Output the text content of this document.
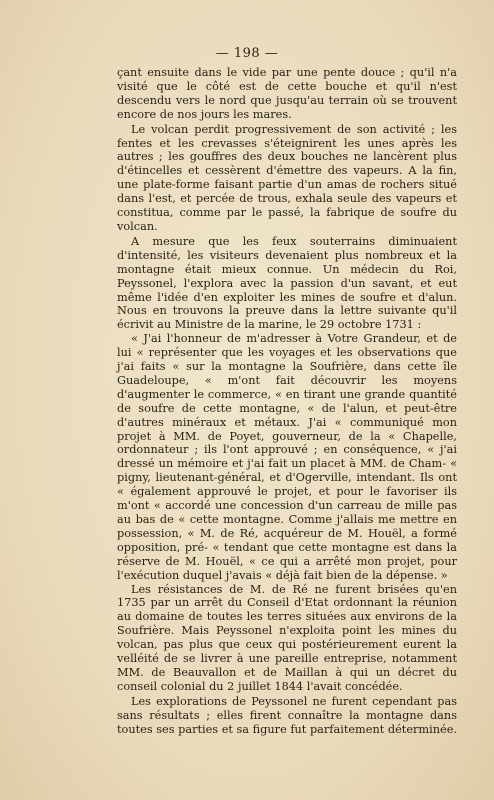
— 198 —

çant ensuite dans le vide par une pente douce ; qu'il n'a visité que le côté est de cette bouche et qu'il n'est descendu vers le nord que jusqu'au terrain où se trouvent encore de nos jours les mares.

Le volcan perdit progressivement de son activité ; les fentes et les crevasses s'éteignirent les unes après les autres ; les gouffres des deux bouches ne lancèrent plus d'étincelles et cessèrent d'émettre des vapeurs. A la fin, une plate-forme faisant partie d'un amas de rochers situé dans l'est, et percée de trous, exhala seule des vapeurs et constitua, comme par le passé, la fabrique de soufre du volcan.

A mesure que les feux souterrains diminuaient d'intensité, les visiteurs devenaient plus nombreux et la montagne était mieux connue. Un médecin du Roi, Peyssonel, l'explora avec la passion d'un savant, et eut même l'idée d'en exploiter les mines de soufre et d'alun. Nous en trouvons la preuve dans la lettre suivante qu'il écrivit au Ministre de la marine, le 29 octobre 1731 :

« J'ai l'honneur de m'adresser à Votre Grandeur, et de lui « représenter que les voyages et les observations que j'ai faits « sur la montagne la Soufrière, dans cette île Guadeloupe, « m'ont fait découvrir les moyens d'augmenter le commerce, « en tirant une grande quantité de soufre de cette montagne, « de l'alun, et peut-être d'autres minéraux et métaux. J'ai « communiqué mon projet à MM. de Poyet, gouverneur, de la « Chapelle, ordonnateur ; ils l'ont approuvé ; en conséquence, « j'ai dressé un mémoire et j'ai fait un placet à MM. de Cham- « pigny, lieutenant-général, et d'Ogerville, intendant. Ils ont « également approuvé le projet, et pour le favoriser ils m'ont « accordé une concession d'un carreau de mille pas au bas de « cette montagne. Comme j'allais me mettre en possession, « M. de Ré, acquéreur de M. Houël, a formé opposition, pré- « tendant que cette montagne est dans la réserve de M. Houël, « ce qui a arrêté mon projet, pour l'exécution duquel j'avais « déjà fait bien de la dépense. »

Les résistances de M. de Ré ne furent brisées qu'en 1735 par un arrêt du Conseil d'Etat ordonnant la réunion au domaine de toutes les terres situées aux environs de la Soufrière. Mais Peyssonel n'exploita point les mines du volcan, pas plus que ceux qui postérieurement eurent la velléité de se livrer à une pareille entreprise, notamment MM. de Beauvallon et de Maillan à qui un décret du conseil colonial du 2 juillet 1844 l'avait concédée.

Les explorations de Peyssonel ne furent cependant pas sans résultats ; elles firent connaître la montagne dans toutes ses parties et sa figure fut parfaitement déterminée.
